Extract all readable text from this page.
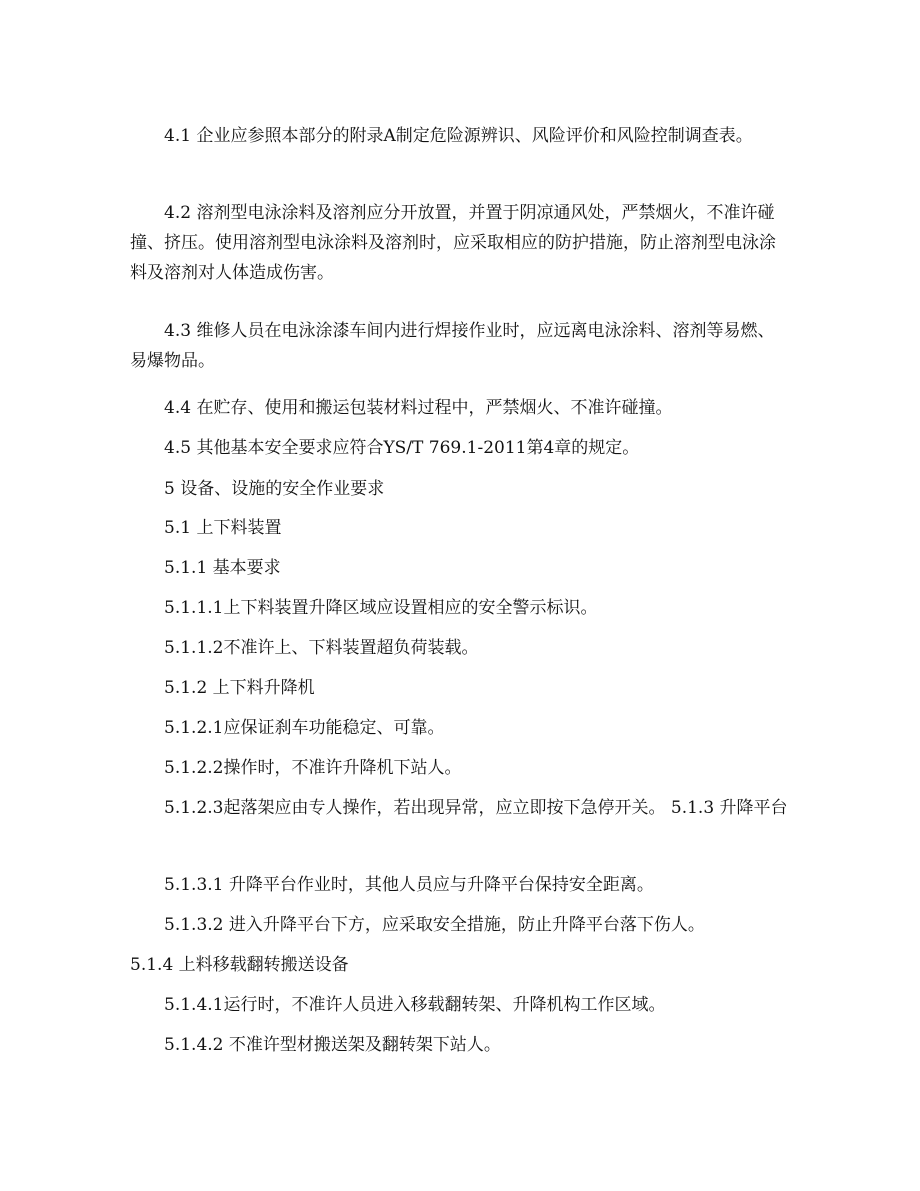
4.1 企业应参照本部分的附录A制定危险源辨识、风险评价和风险控制调查表。

4.2 溶剂型电泳涂料及溶剂应分开放置，并置于阴凉通风处，严禁烟火，不准许碰撞、挤压。使用溶剂型电泳涂料及溶剂时，应采取相应的防护措施，防止溶剂型电泳涂料及溶剂对人体造成伤害。

4.3 维修人员在电泳涂漆车间内进行焊接作业时，应远离电泳涂料、溶剂等易燃、易爆物品。

4.4 在贮存、使用和搬运包装材料过程中，严禁烟火、不准许碰撞。

4.5 其他基本安全要求应符合YS/T 769.1-2011第4章的规定。

5 设备、设施的安全作业要求

5.1 上下料装置

5.1.1 基本要求

5.1.1.1上下料装置升降区域应设置相应的安全警示标识。

5.1.1.2不准许上、下料装置超负荷装载。

5.1.2 上下料升降机

5.1.2.1应保证刹车功能稳定、可靠。

5.1.2.2操作时，不准许升降机下站人。

5.1.2.3起落架应由专人操作，若出现异常，应立即按下急停开关。 5.1.3 升降平台

5.1.3.1 升降平台作业时，其他人员应与升降平台保持安全距离。

5.1.3.2 进入升降平台下方，应采取安全措施，防止升降平台落下伤人。

5.1.4 上料移载翻转搬送设备

5.1.4.1运行时，不准许人员进入移载翻转架、升降机构工作区域。

5.1.4.2 不准许型材搬送架及翻转架下站人。
